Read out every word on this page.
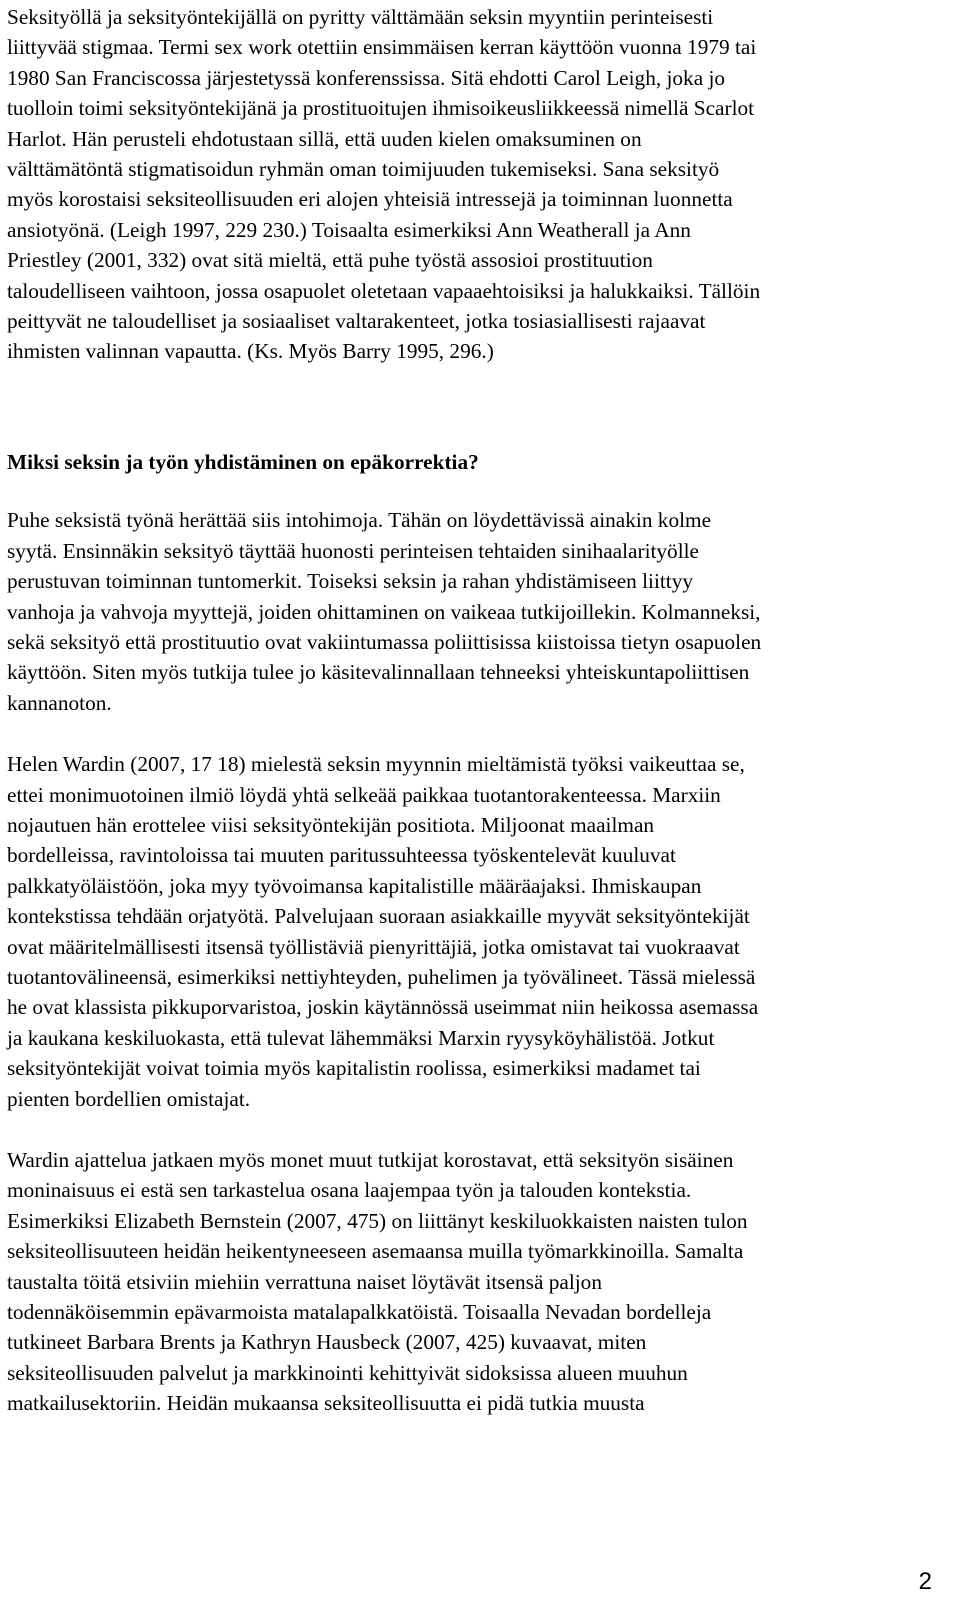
Seksityöllä ja seksityöntekijällä on pyritty välttämään seksin myyntiin perinteisesti
liittyvää stigmaa. Termi sex work otettiin ensimmäisen kerran käyttöön vuonna 1979 tai
1980 San Franciscossa järjestetyssä konferenssissa. Sitä ehdotti Carol Leigh, joka jo
tuolloin toimi seksityöntekijänä ja prostituoitujen ihmisoikeusliikkeessä nimellä Scarlot
Harlot. Hän perusteli ehdotustaan sillä, että uuden kielen omaksuminen on
välttämätöntä stigmatisoidun ryhmän oman toimijuuden tukemiseksi. Sana seksityö
myös korostaisi seksiteollisuuden eri alojen yhteisiä intressejä ja toiminnan luonnetta
ansiotyönä. (Leigh 1997, 229 230.) Toisaalta esimerkiksi Ann Weatherall ja Ann
Priestley (2001, 332) ovat sitä mieltä, että puhe työstä assosioi prostituution
taloudelliseen vaihtoon, jossa osapuolet oletetaan vapaaehtoisiksi ja halukkaiksi. Tällöin
peittyvät ne taloudelliset ja sosiaaliset valtarakenteet, jotka tosiasiallisesti rajaavat
ihmisten valinnan vapautta. (Ks. Myös Barry 1995, 296.)

Miksi seksin ja työn yhdistäminen on epäkorrektia?

Puhe seksistä työnä herättää siis intohimoja. Tähän on löydettävissä ainakin kolme
syytä. Ensinnäkin seksityö täyttää huonosti perinteisen tehtaiden sinihaalarityölle
perustuvan toiminnan tuntomerkit. Toiseksi seksin ja rahan yhdistämiseen liittyy
vanhoja ja vahvoja myyttejä, joiden ohittaminen on vaikeaa tutkijoillekin. Kolmanneksi,
sekä seksityö että prostituutio ovat vakiintumassa poliittisissa kiistoissa tietyn osapuolen
käyttöön. Siten myös tutkija tulee jo käsitevalinnallaan tehneeksi yhteiskuntapoliittisen
kannanoton.

Helen Wardin (2007, 17 18) mielestä seksin myynnin mieltämistä työksi vaikeuttaa se,
ettei monimuotoinen ilmiö löydä yhtä selkeää paikkaa tuotantorakenteessa. Marxiin
nojautuen hän erottelee viisi seksityöntekijän positiota. Miljoonat maailman
bordelleissa, ravintoloissa tai muuten paritussuhteessa työskentelevät kuuluvat
palkkatyöläistöön, joka myy työvoimansa kapitalistille määräajaksi. Ihmiskaupan
kontekstissa tehdään orjatyötä. Palvelujaan suoraan asiakkaille myyvät seksityöntekijät
ovat määritelmällisesti itsensä työllistäviä pienyrittäjiä, jotka omistavat tai vuokraavat
tuotantovälineensä, esimerkiksi nettiyhteyden, puhelimen ja työvälineet. Tässä mielessä
he ovat klassista pikkuporvaristoa, joskin käytännössä useimmat niin heikossa asemassa
ja kaukana keskiluokasta, että tulevat lähemmäksi Marxin ryysyköyhälistöä. Jotkut
seksityöntekijät voivat toimia myös kapitalistin roolissa, esimerkiksi madamet tai
pienten bordellien omistajat.

Wardin ajattelua jatkaen myös monet muut tutkijat korostavat, että seksityön sisäinen
moninaisuus ei estä sen tarkastelua osana laajempaa työn ja talouden kontekstia.
Esimerkiksi Elizabeth Bernstein (2007, 475) on liittänyt keskiluokkaisten naisten tulon
seksiteollisuuteen heidän heikentyneeseen asemaansa muilla työmarkkinoilla. Samalta
taustalta töitä etsiviin miehiin verrattuna naiset löytävät itsensä paljon
todennäköisemmin epävarmoista matalapalkkatöistä. Toisaalla Nevadan bordelleja
tutkineet Barbara Brents ja Kathryn Hausbeck (2007, 425) kuvaavat, miten
seksiteollisuuden palvelut ja markkinointi kehittyivät sidoksissa alueen muuhun
matkailusektoriin. Heidän mukaansa seksiteollisuutta ei pidä tutkia muusta

2
